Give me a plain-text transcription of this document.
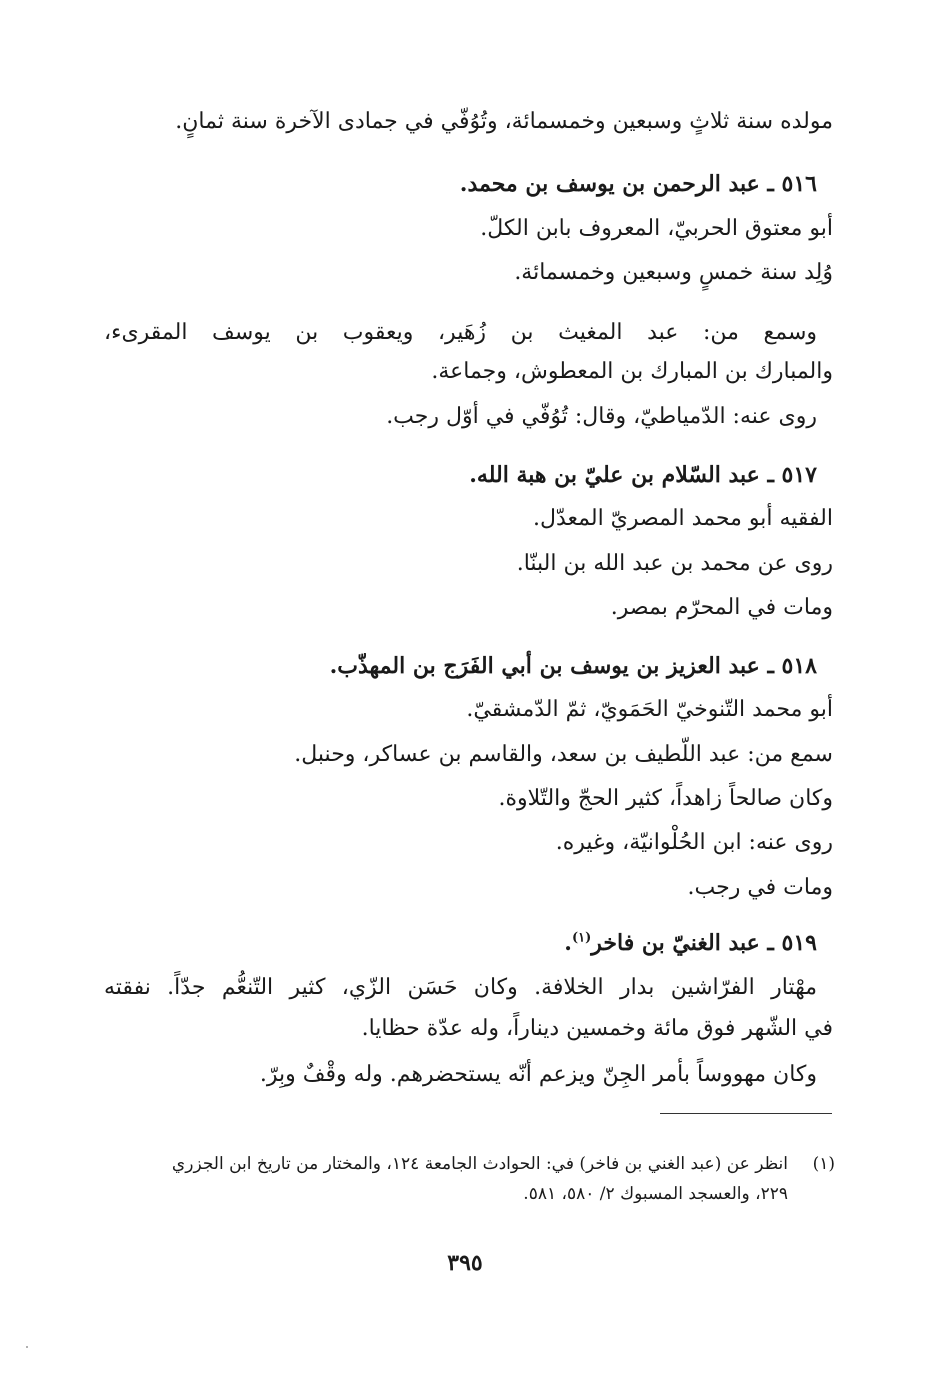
مولده سنة ثلاثٍ وسبعين وخمسمائة، وتُوُفّي في جمادى الآخرة سنة ثمانٍ.
٥١٦ ـ عبد الرحمن بن يوسف بن محمد.
أبو معتوق الحربيّ، المعروف بابن الكلّ.
وُلِد سنة خمسٍ وسبعين وخمسمائة.
وسمع من: عبد المغيث بن زُهَير، ويعقوب بن يوسف المقرىء،
والمبارك بن المبارك بن المعطوش، وجماعة.
روى عنه: الدّمياطيّ، وقال: تُوُفّي في أوّل رجب.
٥١٧ ـ عبد السّلام بن عليّ بن هبة الله.
الفقيه أبو محمد المصريّ المعدّل.
روى عن محمد بن عبد الله بن البنّا.
ومات في المحرّم بمصر.
٥١٨ ـ عبد العزيز بن يوسف بن أبي الفَرَج بن المهذّب.
أبو محمد التّنوخيّ الحَمَويّ، ثمّ الدّمشقيّ.
سمع من: عبد اللّطيف بن سعد، والقاسم بن عساكر، وحنبل.
وكان صالحاً زاهداً، كثير الحجّ والتّلاوة.
روى عنه: ابن الحُلْوانيّة، وغيره.
ومات في رجب.
٥١٩ ـ عبد الغنيّ بن فاخر$^{(١)}$.
مهْتار الفرّاشين بدار الخلافة. وكان حَسَن الزّي، كثير التّنعُّم جدّاً. نفقته
في الشّهر فوق مائة وخمسين ديناراً، وله عدّة حظايا.
وكان مهووساً بأمر الجِنّ ويزعم أنّه يستحضرهم. وله وقْفٌ وبِرّ.
(١)
انظر عن (عبد الغني بن فاخر) في: الحوادث الجامعة ١٢٤، والمختار من تاريخ ابن الجزري
٢٢٩، والعسجد المسبوك ٢/ ٥٨٠، ٥٨١.
٣٩٥
